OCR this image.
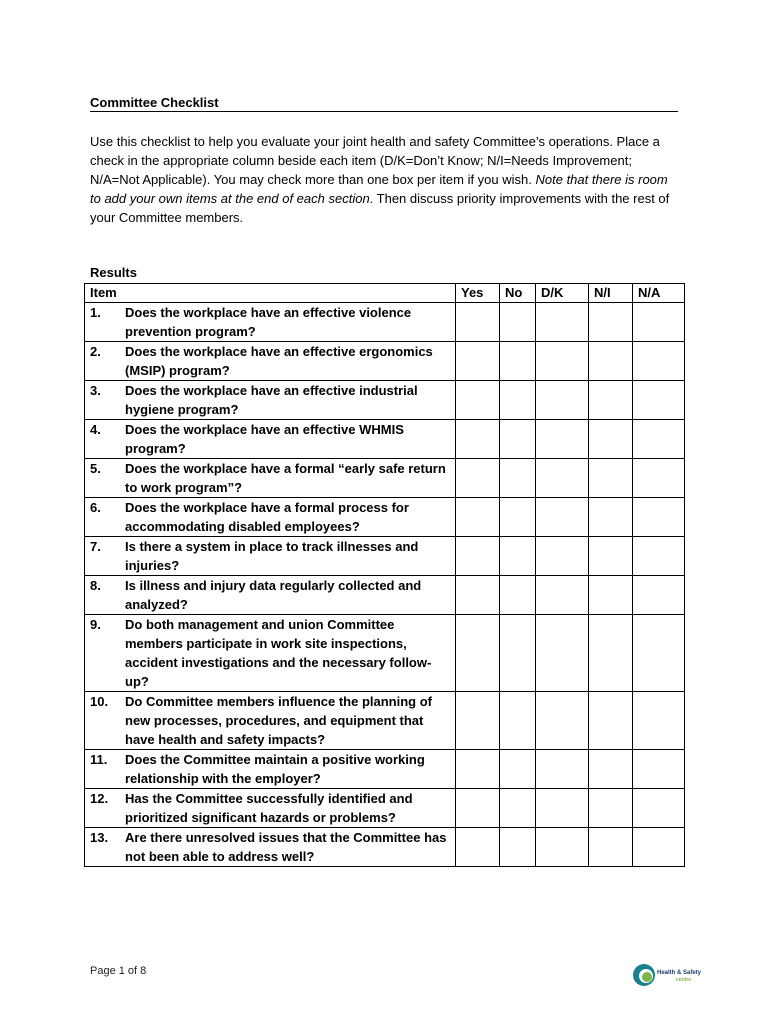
Committee Checklist
Use this checklist to help you evaluate your joint health and safety Committee’s operations. Place a check in the appropriate column beside each item (D/K=Don’t Know; N/I=Needs Improvement; N/A=Not Applicable). You may check more than one box per item if you wish. Note that there is room to add your own items at the end of each section. Then discuss priority improvements with the rest of your Committee members.
Results
Item	Yes	No	D/K	N/I	N/A

1. Does the workplace have an effective violence prevention program?					

2. Does the workplace have an effective ergonomics (MSIP) program?					

3. Does the workplace have an effective industrial hygiene program?					

4. Does the workplace have an effective WHMIS program?					

5. Does the workplace have a formal “early safe return to work program”?					

6. Does the workplace have a formal process for accommodating disabled employees?					

7. Is there a system in place to track illnesses and injuries?					

8. Is illness and injury data regularly collected and analyzed?					

9. Do both management and union Committee members participate in work site inspections, accident investigations and the necessary follow-up?					

10. Do Committee members influence the planning of new processes, procedures, and equipment that have health and safety impacts?					

11. Does the Committee maintain a positive working relationship with the employer?					

12. Has the Committee successfully identified and prioritized significant hazards or problems?					

13. Are there unresolved issues that the Committee has not been able to address well?					

Page 1 of 8	Health & Safety
centre
